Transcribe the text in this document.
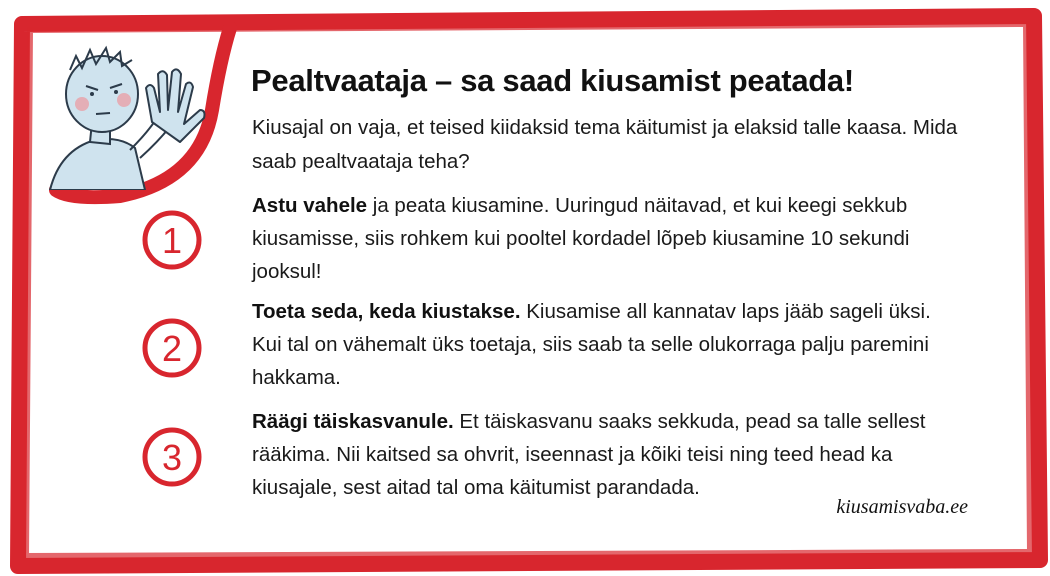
Pealtvaataja – sa saad kiusamist peatada!

Kiusajal on vaja, et teised kiidaksid tema käitumist ja elaksid talle kaasa. Mida saab pealtvaataja teha?

1
2
3

Astu vahele ja peata kiusamine. Uuringud näitavad, et kui keegi sekkub kiusamisse, siis rohkem kui pooltel kordadel lõpeb kiusamine 10 sekundi jooksul!

Toeta seda, keda kiustakse. Kiusamise all kannatav laps jääb sageli üksi. Kui tal on vähemalt üks toetaja, siis saab ta selle olukorraga palju paremini hakkama.

Räägi täiskasvanule. Et täiskasvanu saaks sekkuda, pead sa talle sellest rääkima. Nii kaitsed sa ohvrit, iseennast ja kõiki teisi ning teed head ka kiusajale, sest aitad tal oma käitumist parandada.

kiusamisvaba.ee
